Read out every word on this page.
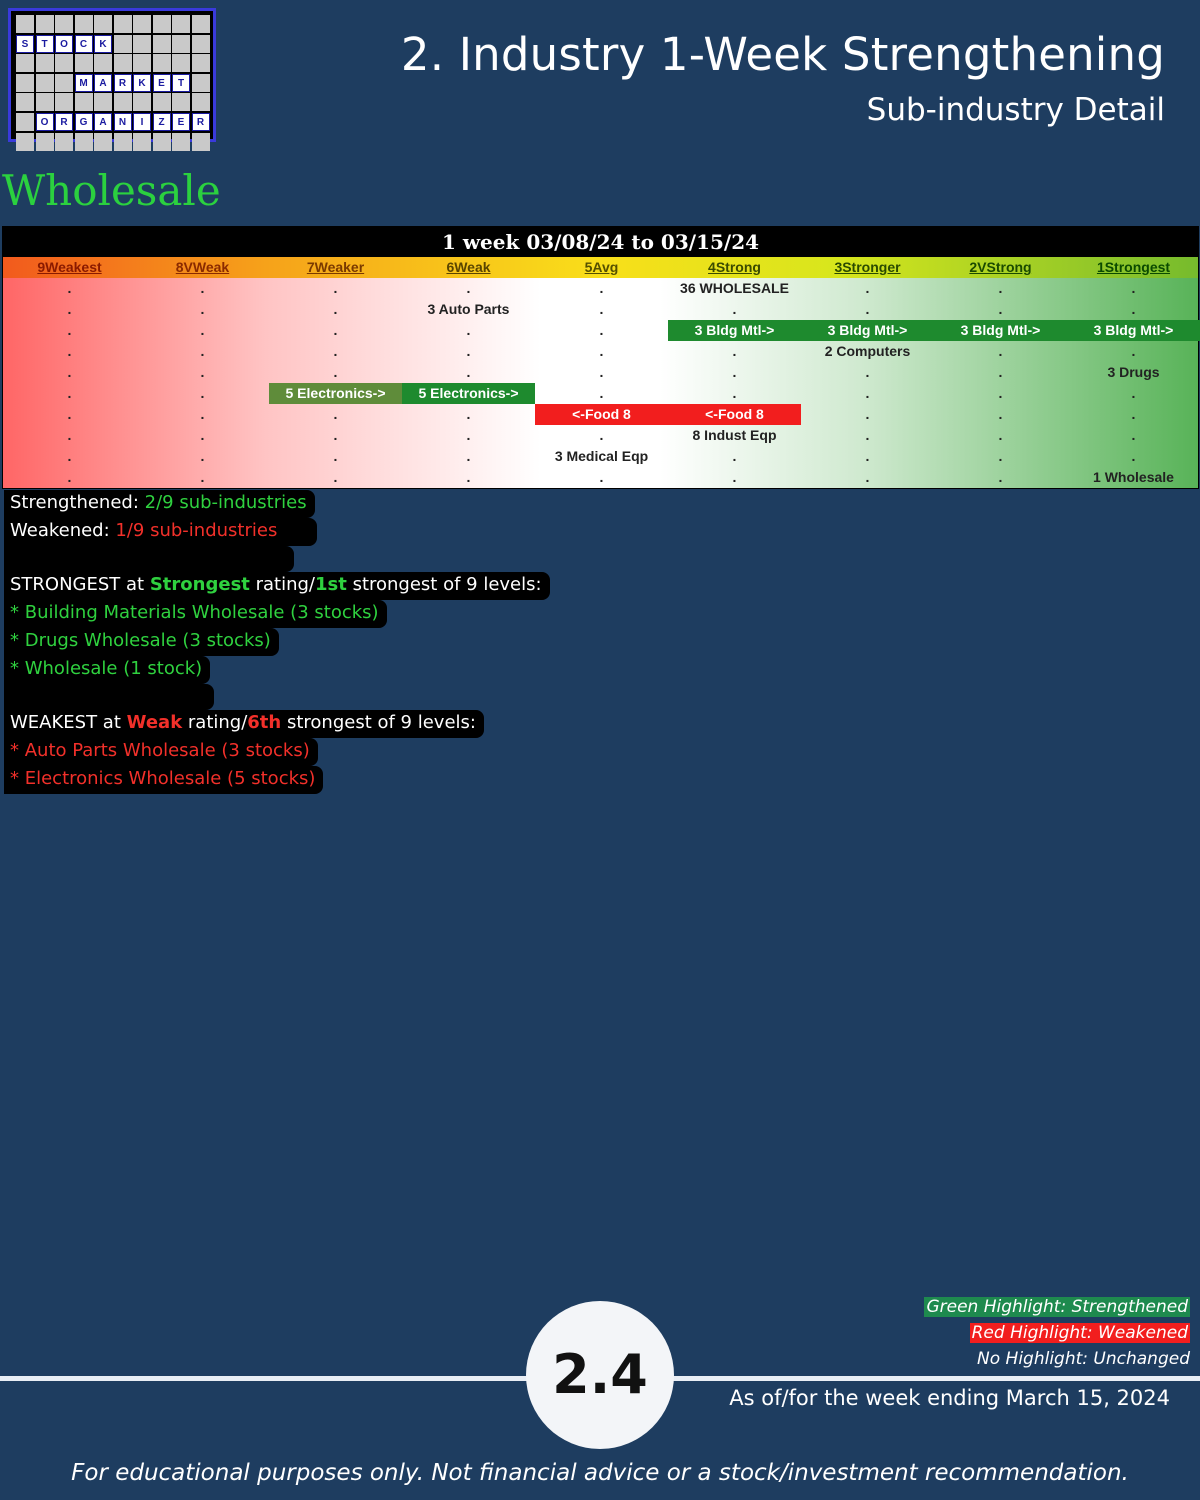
S	T	O	C	K
M	A	R	K	E	T
O	R	G	A	N	I	Z	E	R
2. Industry 1-Week Strengthening
Sub-industry Detail
Wholesale
1 week 03/08/24 to 03/15/24
9Weakest	8VWeak	7Weaker	6Weak	5Avg	4Strong	3Stronger	2VStrong	1Strongest
.	.	.	.	.	36 WHOLESALE	.	.	.
.	.	.	3 Auto Parts	.	.	.	.	.
.	.	.	.	.	3 Bldg Mtl->	3 Bldg Mtl->	3 Bldg Mtl->	3 Bldg Mtl->
.	.	.	.	.	.	2 Computers	.	.
.	.	.	.	.	.	.	.	3 Drugs
.	.	5 Electronics->	5 Electronics->	.	.	.	.	.
.	.	.	.	<-Food 8	<-Food 8	.	.	.
.	.	.	.	.	8 Indust Eqp	.	.	.
.	.	.	.	3 Medical Eqp	.	.	.	.
.	.	.	.	.	.	.	.	1 Wholesale
Strengthened: 2/9 sub-industries
Weakened: 1/9 sub-industries
STRONGEST at Strongest rating/1st strongest of 9 levels:
* Building Materials Wholesale (3 stocks)
* Drugs Wholesale (3 stocks)
* Wholesale (1 stock)
WEAKEST at Weak rating/6th strongest of 9 levels:
* Auto Parts Wholesale (3 stocks)
* Electronics Wholesale (5 stocks)
Green Highlight: Strengthened
Red Highlight: Weakened
No Highlight: Unchanged
2.4	As of/for the week ending March 15, 2024
For educational purposes only. Not financial advice or a stock/investment recommendation.
